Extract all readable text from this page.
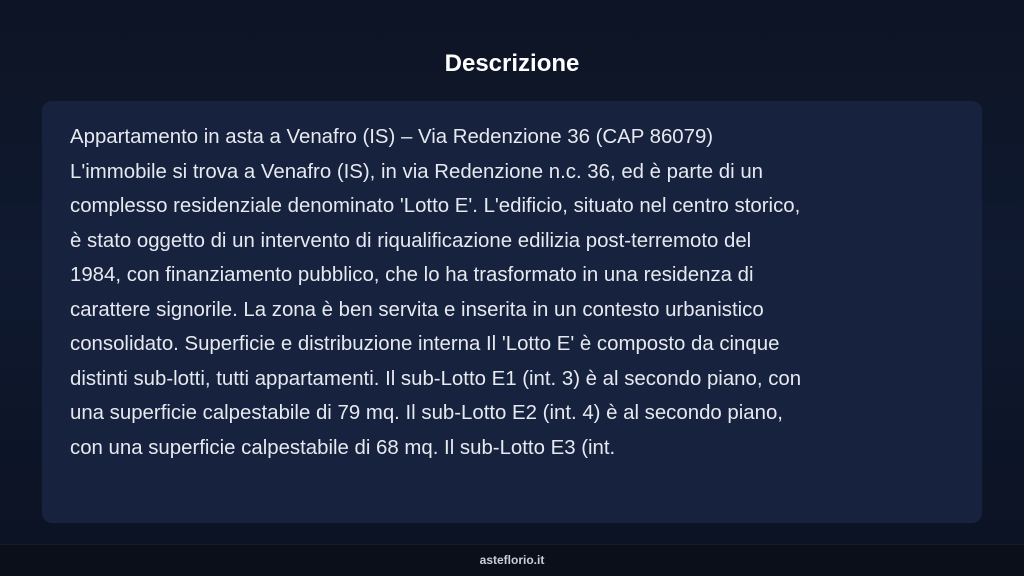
Descrizione

Appartamento in asta a Venafro (IS) – Via Redenzione 36 (CAP 86079)
L'immobile si trova a Venafro (IS), in via Redenzione n.c. 36, ed è parte di un
complesso residenziale denominato 'Lotto E'. L'edificio, situato nel centro storico,
è stato oggetto di un intervento di riqualificazione edilizia post-terremoto del
1984, con finanziamento pubblico, che lo ha trasformato in una residenza di
carattere signorile. La zona è ben servita e inserita in un contesto urbanistico
consolidato. Superficie e distribuzione interna Il 'Lotto E' è composto da cinque
distinti sub-lotti, tutti appartamenti. Il sub-Lotto E1 (int. 3) è al secondo piano, con
una superficie calpestabile di 79 mq. Il sub-Lotto E2 (int. 4) è al secondo piano,
con una superficie calpestabile di 68 mq. Il sub-Lotto E3 (int.

asteflorio.it
